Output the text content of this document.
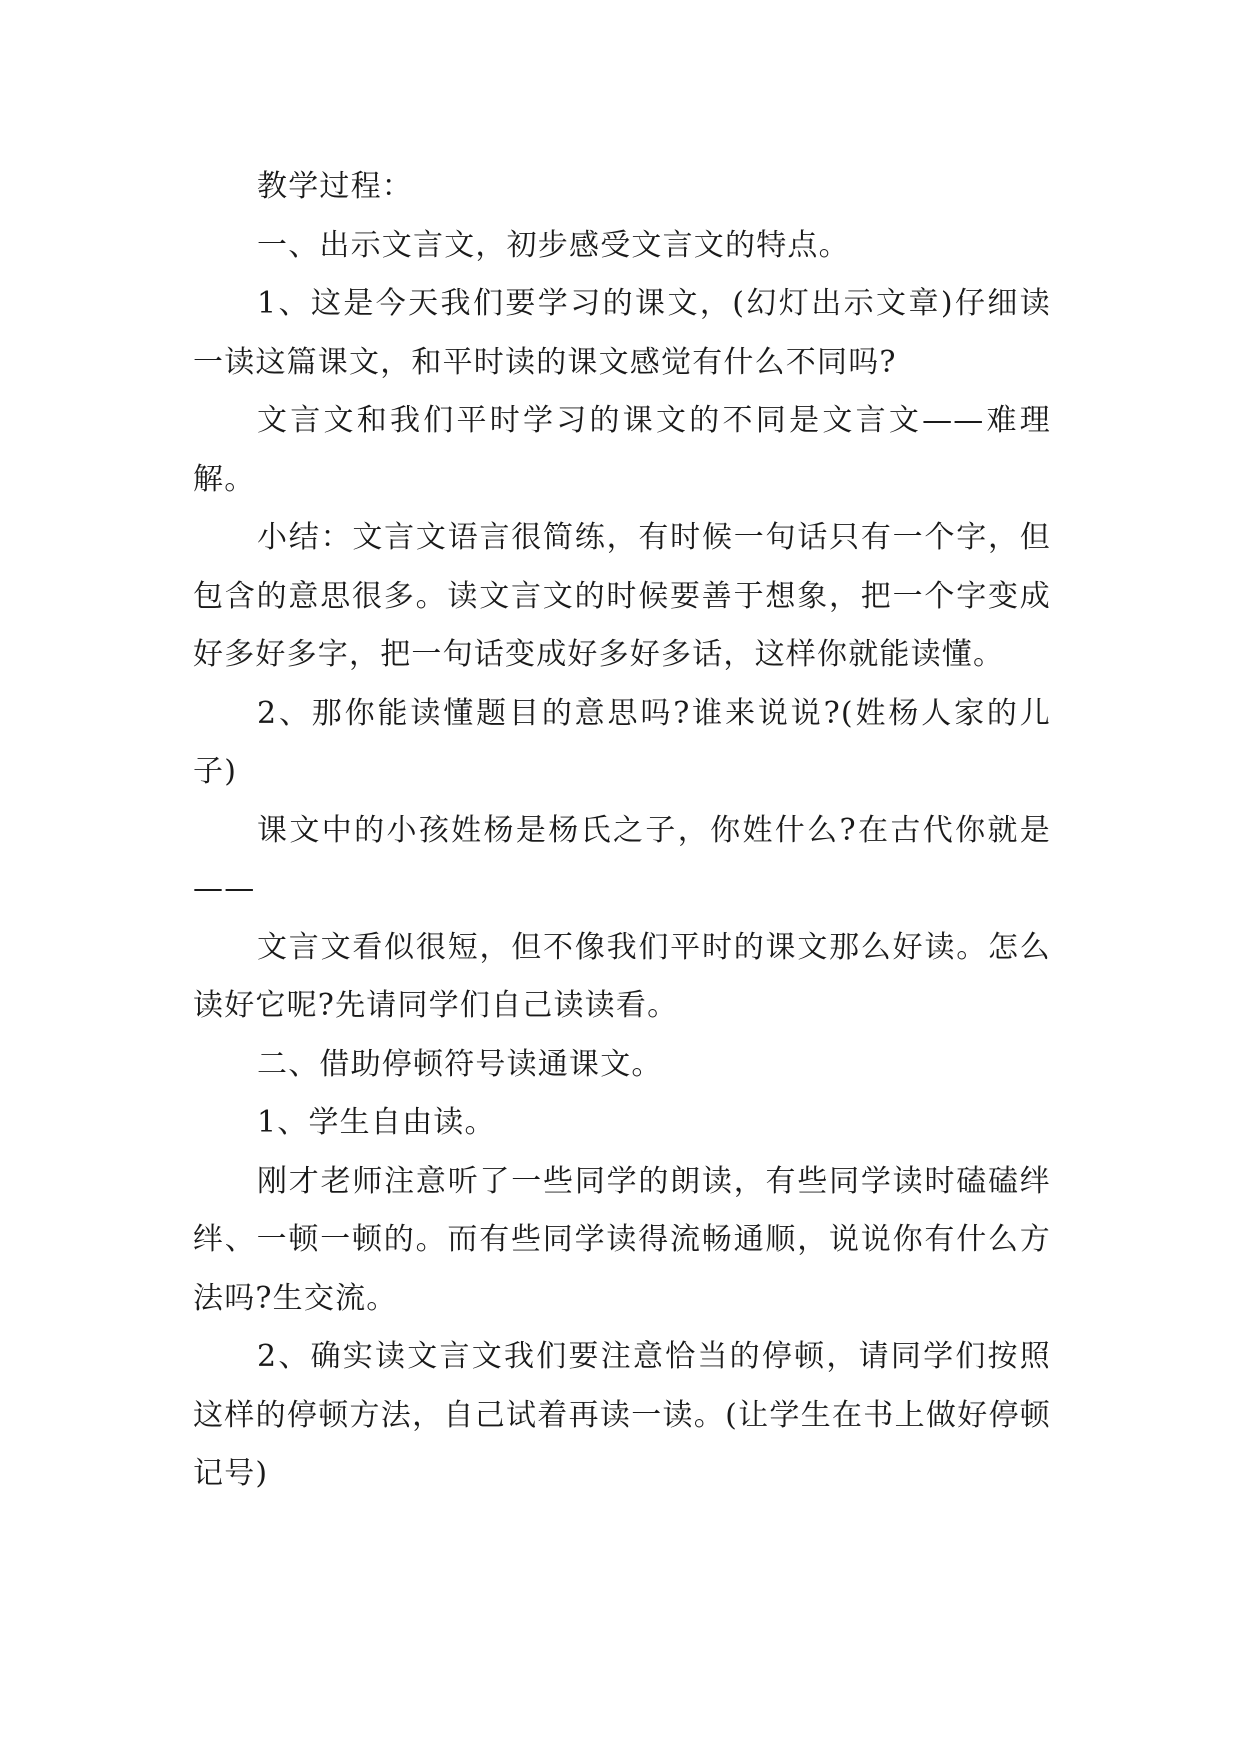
教学过程：

一、出示文言文，初步感受文言文的特点。

1、这是今天我们要学习的课文，(幻灯出示文章)仔细读一读这篇课文，和平时读的课文感觉有什么不同吗?

文言文和我们平时学习的课文的不同是文言文——难理解。

小结：文言文语言很简练，有时候一句话只有一个字，但包含的意思很多。读文言文的时候要善于想象，把一个字变成好多好多字，把一句话变成好多好多话，这样你就能读懂。

2、那你能读懂题目的意思吗?谁来说说?(姓杨人家的儿子)

课文中的小孩姓杨是杨氏之子，你姓什么?在古代你就是——

文言文看似很短，但不像我们平时的课文那么好读。怎么读好它呢?先请同学们自己读读看。

二、借助停顿符号读通课文。

1、学生自由读。

刚才老师注意听了一些同学的朗读，有些同学读时磕磕绊绊、一顿一顿的。而有些同学读得流畅通顺，说说你有什么方法吗?生交流。

2、确实读文言文我们要注意恰当的停顿，请同学们按照这样的停顿方法，自己试着再读一读。(让学生在书上做好停顿记号)
